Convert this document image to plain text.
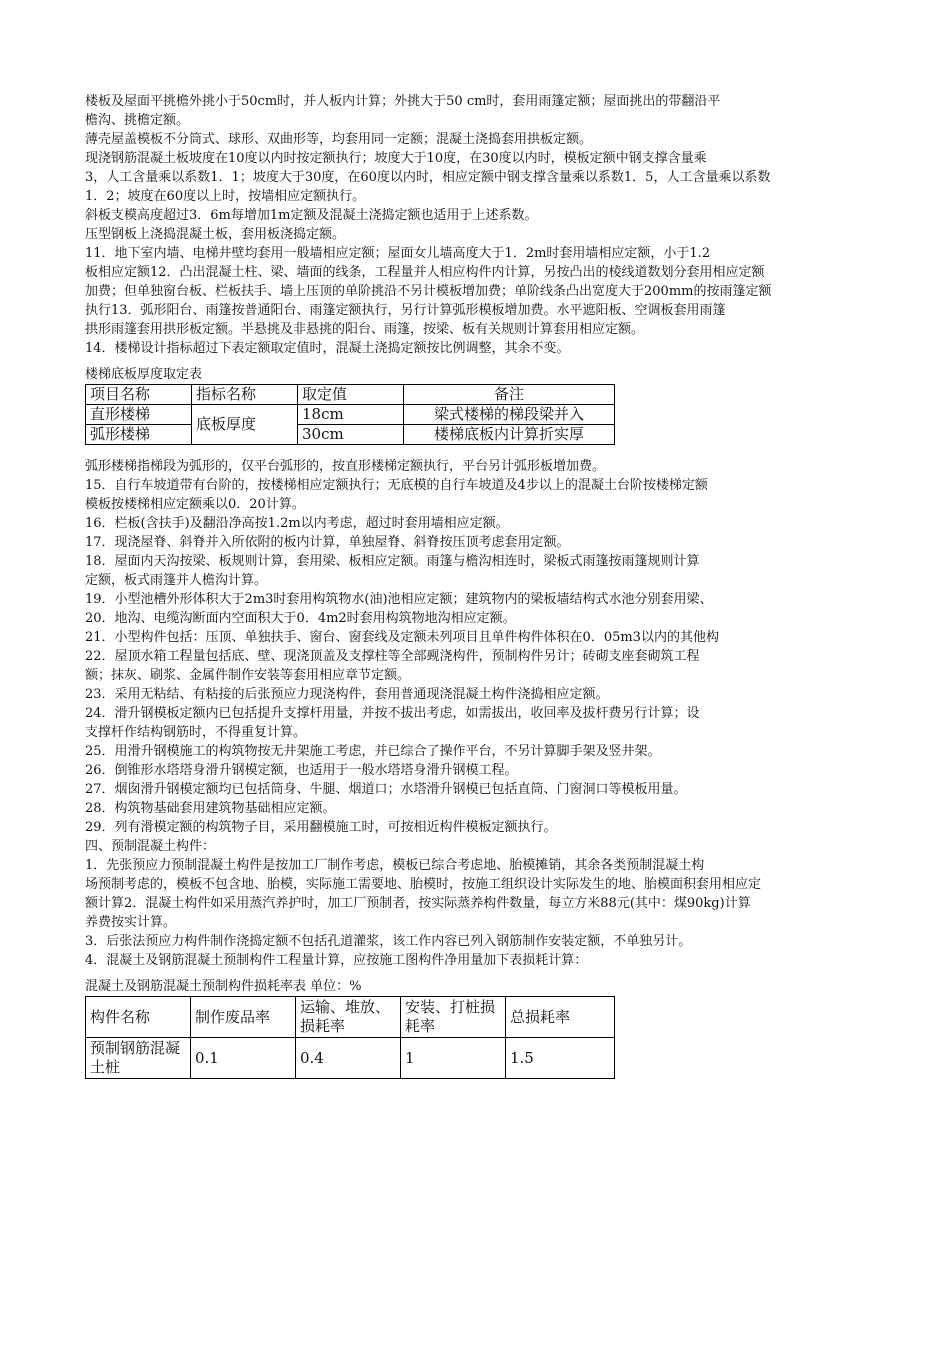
楼板及屋面平挑檐外挑小于50cm时，并人板内计算；外挑大于50 cm时，套用雨篷定额；屋面挑出的带翻沿平
檐沟、挑檐定额。
薄壳屋盖模板不分筒式、球形、双曲形等，均套用同一定额；混凝土浇捣套用拱板定额。
现浇钢筋混凝土板坡度在10度以内时按定额执行；坡度大于10度，在30度以内时，模板定额中钢支撑含量乘
3，人工含量乘以系数1．1；坡度大于30度，在60度以内时，相应定额中钢支撑含量乘以系数1．5，人工含量乘以系数
1．2；坡度在60度以上时，按墙相应定额执行。
斜板支模高度超过3．6m每增加1m定额及混凝土浇捣定额也适用于上述系数。
压型钢板上浇捣混凝土板，套用板浇捣定额。
11．地下室内墙、电梯井壁均套用一般墙相应定额；屋面女儿墙高度大于1．2m时套用墙相应定额，小于1.2
板相应定额12．凸出混凝土柱、梁、墙面的线条，工程量并人相应构件内计算，另按凸出的棱线道数划分套用相应定额
加费；但单独窗台板、栏板扶手、墙上压顶的单阶挑沿不另计模板增加费；单阶线条凸出宽度大于200mm的按雨篷定额
执行13．弧形阳台、雨篷按普通阳台、雨篷定额执行，另行计算弧形模板增加费。水平遮阳板、空调板套用雨篷
拱形雨篷套用拱形板定额。半悬挑及非悬挑的阳台、雨篷，按梁、板有关规则计算套用相应定额。
14．楼梯设计指标超过下表定额取定值时，混凝土浇捣定额按比例调整，其余不变。
楼梯底板厚度取定表
项目名称	指标名称	取定值	备注
直形楼梯	底板厚度	18cm	梁式楼梯的梯段梁并入
弧形楼梯		30cm	楼梯底板内计算折实厚
弧形楼梯指梯段为弧形的，仅平台弧形的，按直形楼梯定额执行，平台另计弧形板增加费。
15．自行车坡道带有台阶的，按楼梯相应定额执行；无底模的自行车坡道及4步以上的混凝土台阶按楼梯定额
模板按楼梯相应定额乘以0．20计算。
16．栏板(含扶手)及翻沿净高按1.2m以内考虑，超过时套用墙相应定额。
17．现浇屋脊、斜脊并入所依附的板内计算，单独屋脊、斜脊按压顶考虑套用定额。
18．屋面内天沟按梁、板规则计算，套用梁、板相应定额。雨篷与檐沟相连时，梁板式雨篷按雨篷规则计算
定额，板式雨篷并人檐沟计算。
19．小型池槽外形体积大于2m3时套用构筑物水(油)池相应定额；建筑物内的梁板墙结构式水池分别套用梁、
20．地沟、电缆沟断面内空面积大于0．4m2时套用构筑物地沟相应定额。
21．小型构件包括：压顶、单独扶手、窗台、窗套线及定额未列项目且单件构件体积在0．05m3以内的其他构
22．屋顶水箱工程量包括底、壁、现浇顶盖及支撑柱等全部觋浇构件，预制构件另计；砖砌支座套砌筑工程
额；抹灰、刷浆、金属件制作安装等套用相应章节定额。
23．采用无粘结、有粘接的后张预应力现浇构件，套用普通现浇混凝土构件浇捣相应定额。
24．滑升钢模板定额内已包括提升支撑杆用量，并按不拔出考虑，如需拔出，收回率及拔杆费另行计算；设
支撑杆作结构钢筋时，不得重复计算。
25．用滑升钢模施工的构筑物按无井架施工考虑，并已综合了操作平台，不另计算脚手架及竖井架。
26．倒锥形水塔塔身滑升钢模定额，也适用于一般水塔塔身滑升钢模工程。
27．烟囱滑升钢模定额均已包括筒身、牛腿、烟道口；水塔滑升钢模已包括直筒、门窗洞口等模板用量。
28．构筑物基础套用建筑物基础相应定额。
29．列有滑模定额的构筑物子目，采用翻模施工时，可按相近构件模板定额执行。
四、预制混凝土构件：
1．先张预应力预制混凝土构件是按加工厂制作考虑，模板已综合考虑地、胎模摊销，其余各类预制混凝土构
场预制考虑的，模板不包含地、胎模，实际施工需要地、胎模时，按施工组织设计实际发生的地、胎模面积套用相应定
额计算2．混凝土构件如采用蒸汽养护时，加工厂预制者，按实际蒸养构件数量，每立方米88元(其中：煤90kg)计算
养费按实计算。
3．后张法预应力构件制作浇捣定额不包括孔道灌浆，该工作内容已列入钢筋制作安装定额，不单独另计。
4．混凝土及钢筋混凝土预制构件工程量计算，应按施工图构件净用量加下表损耗计算：
混凝土及钢筋混凝土预制构件损耗率表 单位：%
构件名称	制作废品率	运输、堆放、损耗率	安装、打桩损耗率	总损耗率
预制钢筋混凝土桩	0.1	0.4	1	1.5
